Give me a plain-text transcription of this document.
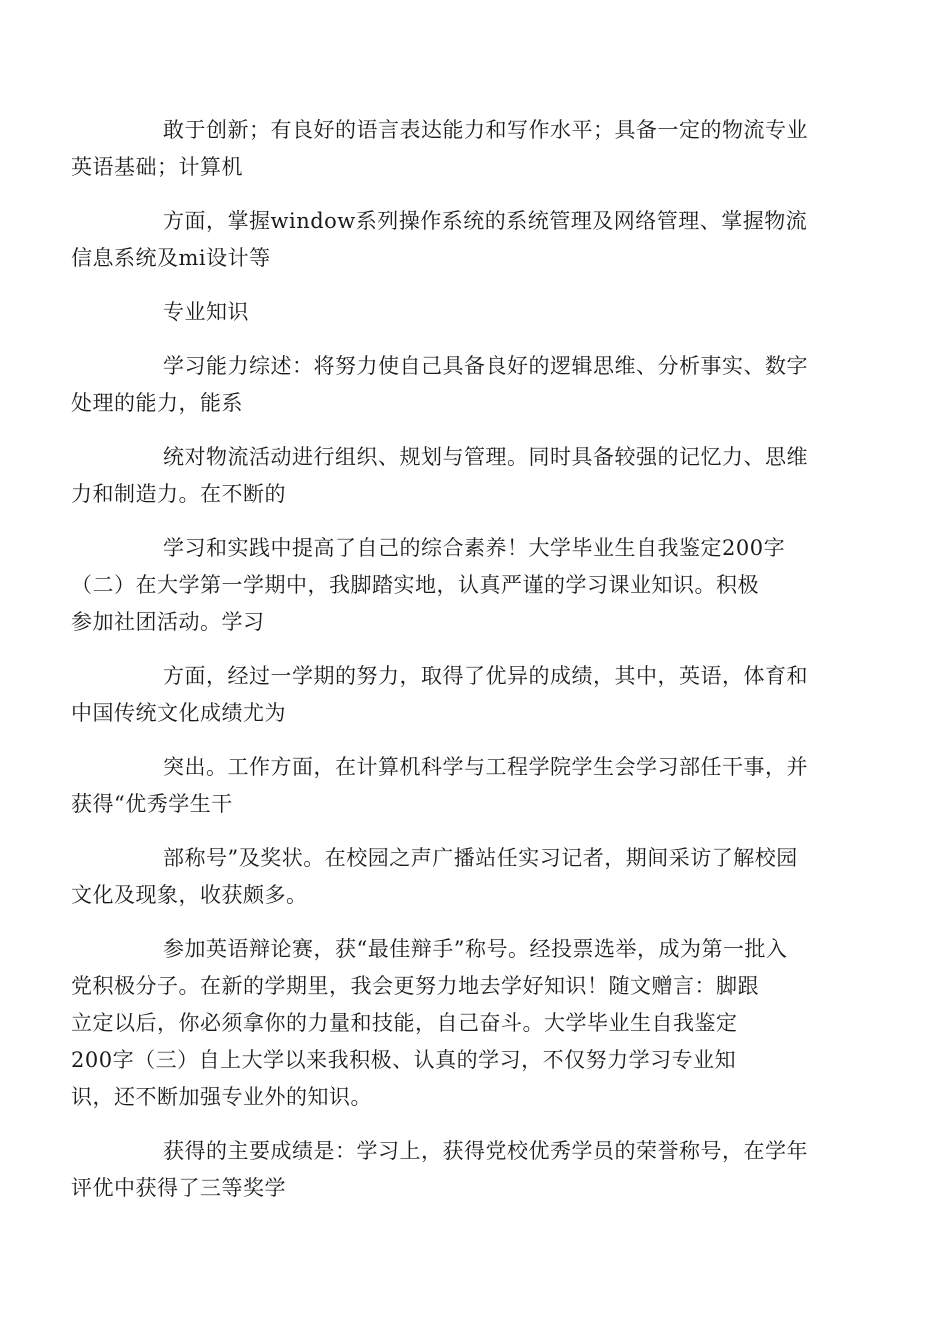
敢于创新；有良好的语言表达能力和写作水平；具备一定的物流专业
英语基础；计算机

方面，掌握window系列操作系统的系统管理及网络管理、掌握物流
信息系统及mi设计等

专业知识

学习能力综述：将努力使自己具备良好的逻辑思维、分析事实、数字
处理的能力，能系

统对物流活动进行组织、规划与管理。同时具备较强的记忆力、思维
力和制造力。在不断的

学习和实践中提高了自己的综合素养！大学毕业生自我鉴定200字
（二）在大学第一学期中，我脚踏实地，认真严谨的学习课业知识。积极
参加社团活动。学习

方面，经过一学期的努力，取得了优异的成绩，其中，英语，体育和
中国传统文化成绩尤为

突出。工作方面，在计算机科学与工程学院学生会学习部任干事，并
获得“优秀学生干

部称号”及奖状。在校园之声广播站任实习记者，期间采访了解校园
文化及现象，收获颇多。

参加英语辩论赛，获“最佳辩手”称号。经投票选举，成为第一批入
党积极分子。在新的学期里，我会更努力地去学好知识！随文赠言：脚跟
立定以后，你必须拿你的力量和技能，自己奋斗。大学毕业生自我鉴定
200字（三）自上大学以来我积极、认真的学习，不仅努力学习专业知
识，还不断加强专业外的知识。

获得的主要成绩是：学习上，获得党校优秀学员的荣誉称号，在学年
评优中获得了三等奖学
